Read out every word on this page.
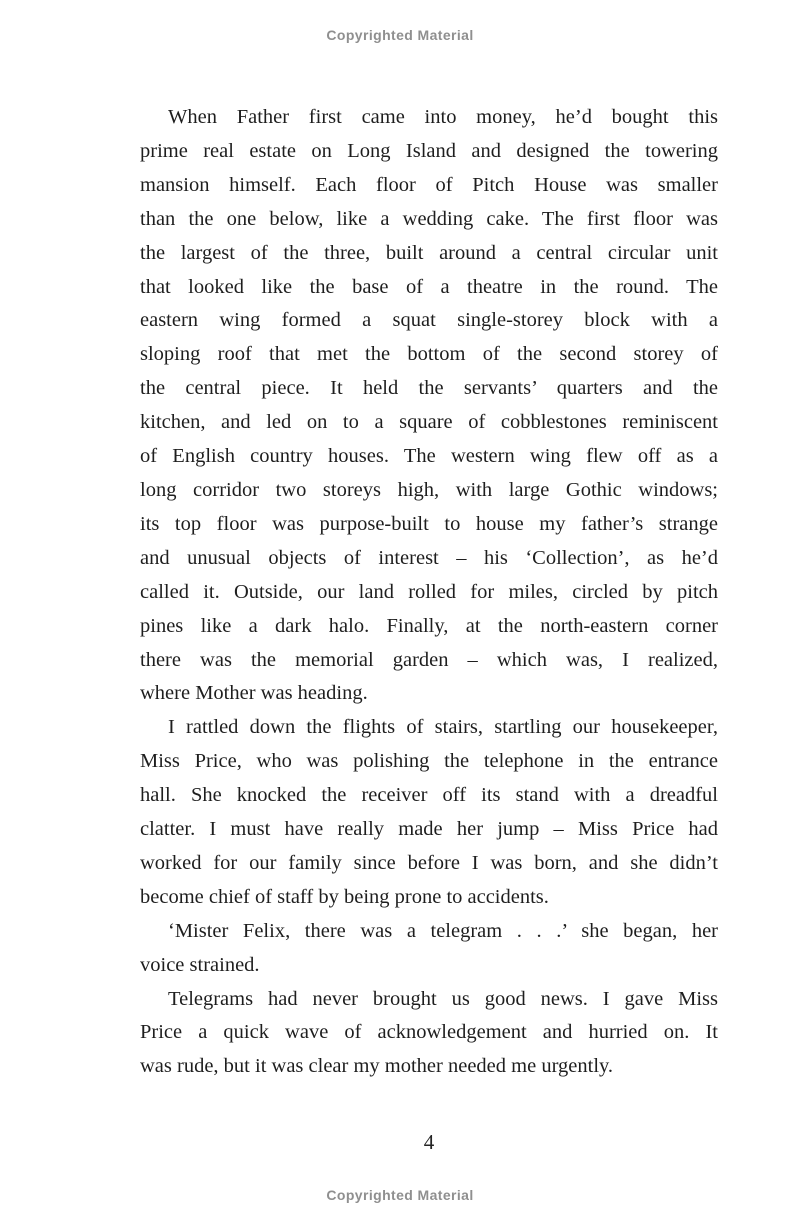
Copyrighted Material
When Father first came into money, he’d bought this
prime real estate on Long Island and designed the towering
mansion himself. Each floor of Pitch House was smaller
than the one below, like a wedding cake. The first floor was
the largest of the three, built around a central circular unit
that looked like the base of a theatre in the round. The
eastern wing formed a squat single-storey block with a
sloping roof that met the bottom of the second storey of
the central piece. It held the servants’ quarters and the
kitchen, and led on to a square of cobblestones reminiscent
of English country houses. The western wing flew off as a
long corridor two storeys high, with large Gothic windows;
its top floor was purpose-built to house my father’s strange
and unusual objects of interest – his ‘Collection’, as he’d
called it. Outside, our land rolled for miles, circled by pitch
pines like a dark halo. Finally, at the north-eastern corner
there was the memorial garden – which was, I realized,
where Mother was heading.
I rattled down the flights of stairs, startling our housekeeper,
Miss Price, who was polishing the telephone in the entrance
hall. She knocked the receiver off its stand with a dreadful
clatter. I must have really made her jump – Miss Price had
worked for our family since before I was born, and she didn’t
become chief of staff by being prone to accidents.
‘Mister Felix, there was a telegram . . .’ she began, her
voice strained.
Telegrams had never brought us good news. I gave Miss
Price a quick wave of acknowledgement and hurried on. It
was rude, but it was clear my mother needed me urgently.
4
Copyrighted Material
